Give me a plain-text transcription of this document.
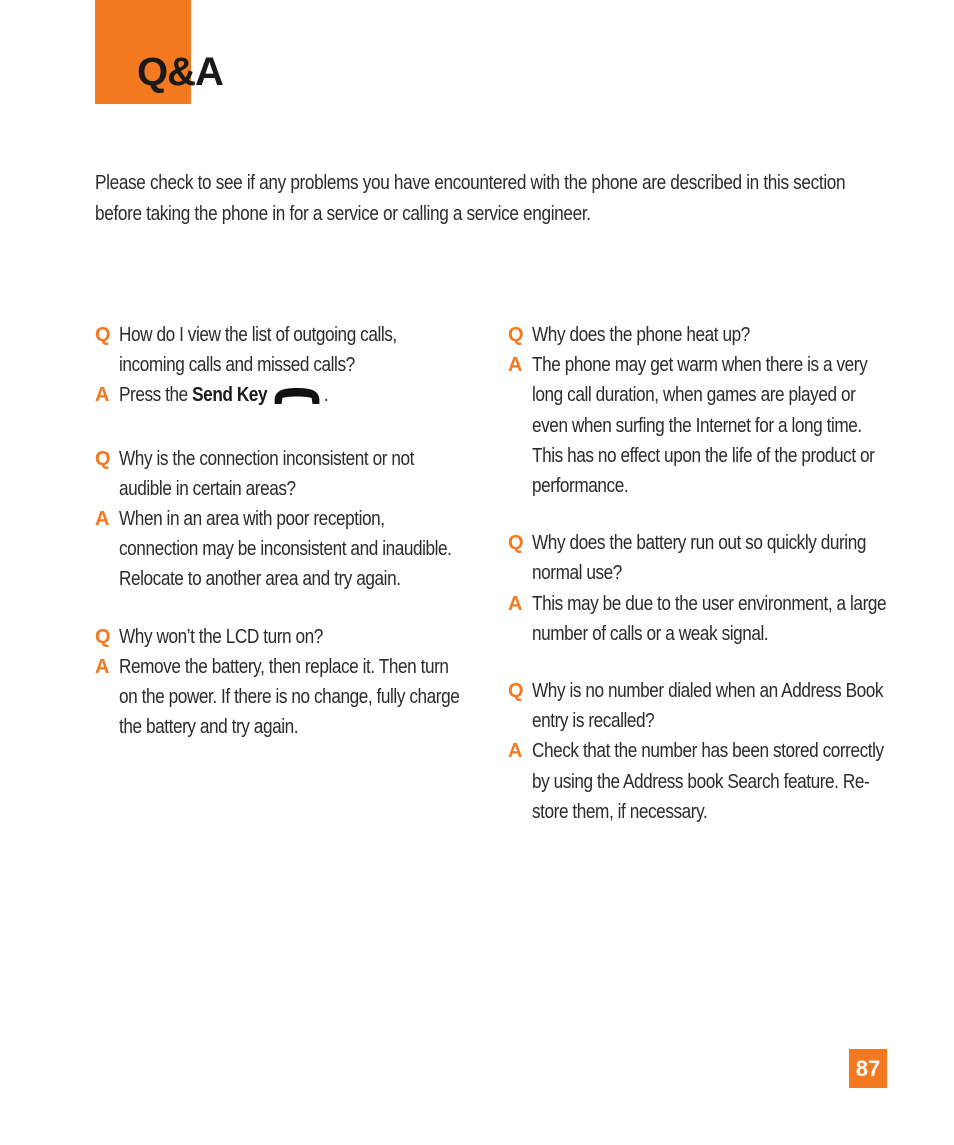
Q&A

Please check to see if any problems you have encountered with the phone are described in this section before taking the phone in for a service or calling a service engineer.

Q How do I view the list of outgoing calls, incoming calls and missed calls?
A Press the Send Key	.
Q Why is the connection inconsistent or not audible in certain areas?
A When in an area with poor reception, connection may be inconsistent and inaudible. Relocate to another area and try again.
Q Why won’t the LCD turn on?
A Remove the battery, then replace it. Then turn on the power. If there is no change, fully charge the battery and try again.
Q Why does the phone heat up?
A The phone may get warm when there is a very long call duration, when games are played or even when surfing the Internet for a long time. This has no effect upon the life of the product or performance.
Q Why does the battery run out so quickly during normal use?
A This may be due to the user environment, a large number of calls or a weak signal.
Q Why is no number dialed when an Address Book entry is recalled?
A Check that the number has been stored correctly by using the Address book Search feature. Re-store them, if necessary.
87
